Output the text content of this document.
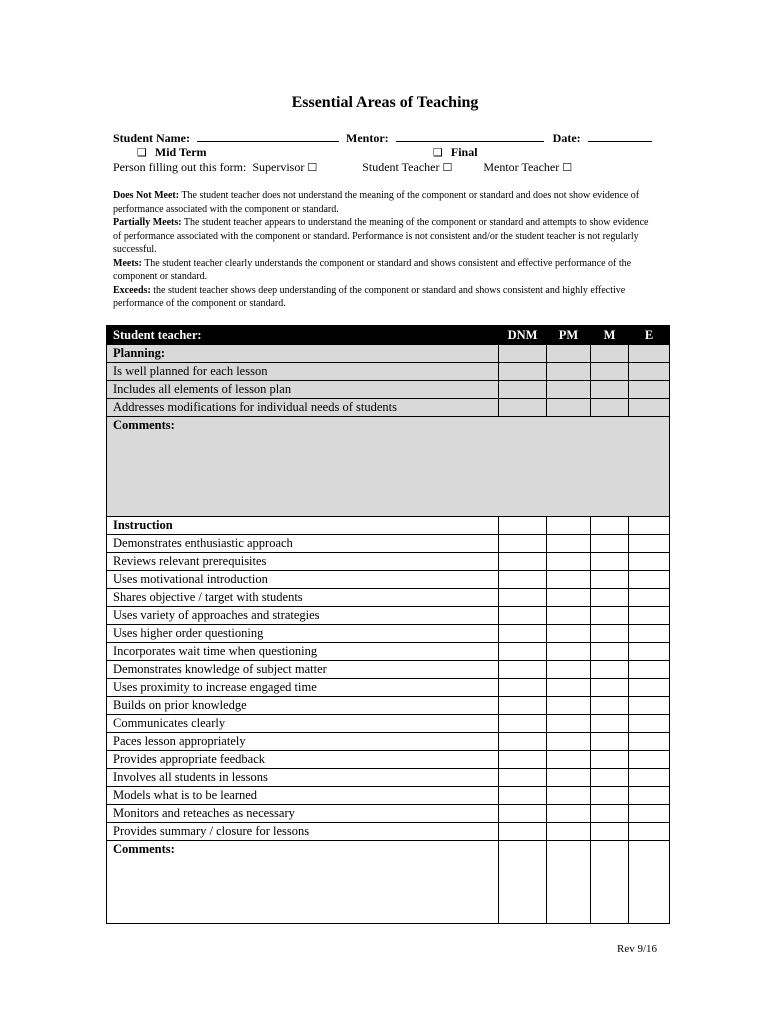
Essential Areas of Teaching
Student Name:	Mentor:	Date:
❑ Mid Term	❑ Final
Person filling out this form: Supervisor ☐	Student Teacher ☐	Mentor Teacher ☐
Does Not Meet: The student teacher does not understand the meaning of the component or standard and does not show evidence of performance associated with the component or standard.
Partially Meets: The student teacher appears to understand the meaning of the component or standard and attempts to show evidence of performance associated with the component or standard. Performance is not consistent and/or the student teacher is not regularly successful.
Meets: The student teacher clearly understands the component or standard and shows consistent and effective performance of the component or standard.
Exceeds: the student teacher shows deep understanding of the component or standard and shows consistent and highly effective performance of the component or standard.
Student teacher:	DNM	PM	M	E
Planning:				
Is well planned for each lesson				
Includes all elements of lesson plan				
Addresses modifications for individual needs of students				
Comments:				
Instruction				
Demonstrates enthusiastic approach				
Reviews relevant prerequisites				
Uses motivational introduction				
Shares objective / target with students				
Uses variety of approaches and strategies				
Uses higher order questioning				
Incorporates wait time when questioning				
Demonstrates knowledge of subject matter				
Uses proximity to increase engaged time				
Builds on prior knowledge				
Communicates clearly				
Paces lesson appropriately				
Provides appropriate feedback				
Involves all students in lessons				
Models what is to be learned				
Monitors and reteaches as necessary				
Provides summary / closure for lessons				
Comments:				
Rev 9/16
